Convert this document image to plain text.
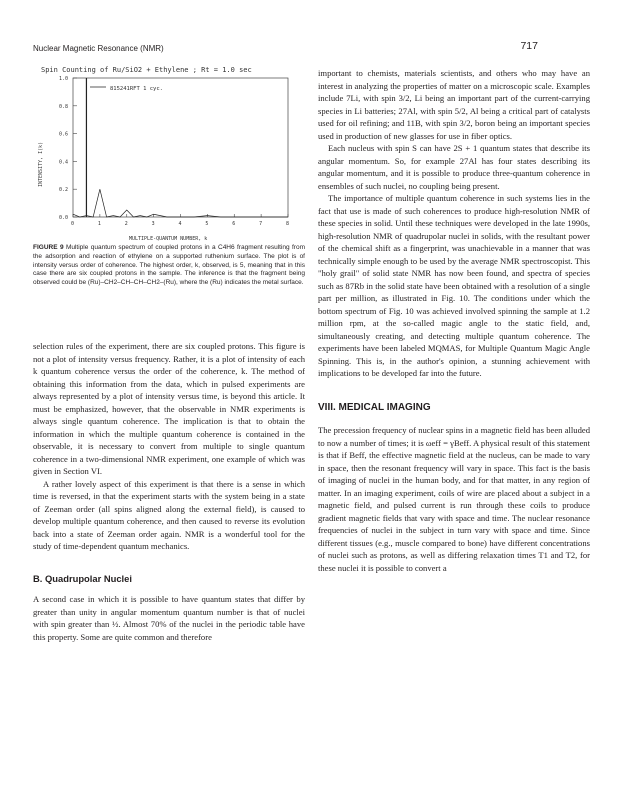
Nuclear Magnetic Resonance (NMR)	717
Spin Counting of Ru/SiO2 + Ethylene ; Rt = 1.0 sec
INTENSITY, I(k)
MULTIPLE-QUANTUM NUMBER, k
815241RFT 1 cyc.
0.0
0.2
0.4
0.6
0.8
1.0
0	1	2	3	4	5	6	7	8
FIGURE 9 Multiple quantum spectrum of coupled protons in a C4H6 fragment resulting from the adsorption and reaction of ethylene on a supported ruthenium surface. The plot is of intensity versus order of coherence. The highest order, k, observed, is 5, meaning that in this case there are six coupled protons in the sample. The inference is that the fragment being observed could be (Ru)–CH2–CH–CH–CH2–(Ru), where the (Ru) indicates the metal surface.

selection rules of the experiment, there are six coupled protons. This figure is not a plot of intensity versus frequency. Rather, it is a plot of intensity of each k quantum coherence versus the order of the coherence, k. The method of obtaining this information from the data, which in pulsed experiments are always represented by a plot of intensity versus time, is beyond this article. It must be emphasized, however, that the observable in NMR experiments is always single quantum coherence. The implication is that to obtain the information in which the multiple quantum coherence is contained in the observable, it is necessary to convert from multiple to single quantum coherence in a two-dimensional NMR experiment, one example of which was given in Section VI.

A rather lovely aspect of this experiment is that there is a sense in which time is reversed, in that the experiment starts with the system being in a state of Zeeman order (all spins aligned along the external field), is caused to develop multiple quantum coherence, and then caused to reverse its evolution back into a state of Zeeman order again. NMR is a wonderful tool for the study of time-dependent quantum mechanics.

B. Quadrupolar Nuclei

A second case in which it is possible to have quantum states that differ by greater than unity in angular momentum quantum number is that of nuclei with spin greater than ½. Almost 70% of the nuclei in the periodic table have this property. Some are quite common and therefore

important to chemists, materials scientists, and others who may have an interest in analyzing the properties of matter on a microscopic scale. Examples include 7Li, with spin 3/2, Li being an important part of the current-carrying species in Li batteries; 27Al, with spin 5/2, Al being a critical part of catalysts used for oil refining; and 11B, with spin 3/2, boron being an important species used in production of new glasses for use in fiber optics.

Each nucleus with spin S can have 2S + 1 quantum states that describe its angular momentum. So, for example 27Al has four states describing its angular momentum, and it is possible to produce three-quantum coherence in ensembles of such nuclei, no coupling being present.

The importance of multiple quantum coherence in such systems lies in the fact that use is made of such coherences to produce high-resolution NMR of these species in solid. Until these techniques were developed in the late 1990s, high-resolution NMR of quadrupolar nuclei in solids, with the resultant power of the chemical shift as a fingerprint, was unachievable in a manner that was technically simple enough to be used by the average NMR spectroscopist. This "holy grail" of solid state NMR has now been found, and spectra of species such as 87Rb in the solid state have been obtained with a resolution of a single part per million, as illustrated in Fig. 10. The conditions under which the bottom spectrum of Fig. 10 was achieved involved spinning the sample at 1.2 million rpm, at the so-called magic angle to the static field, and, simultaneously creating, and detecting multiple quantum coherence. The experiments have been labeled MQMAS, for Multiple Quantum Magic Angle Spinning. This is, in the author's opinion, a stunning achievement with implications to be developed far into the future.

VIII. MEDICAL IMAGING

The precession frequency of nuclear spins in a magnetic field has been alluded to now a number of times; it is ωeff = γBeff. A physical result of this statement is that if Beff, the effective magnetic field at the nucleus, can be made to vary in space, then the resonant frequency will vary in space. This fact is the basis of imaging of nuclei in the human body, and for that matter, in any region of matter. In an imaging experiment, coils of wire are placed about a subject in a magnetic field, and pulsed current is run through these coils to produce gradient magnetic fields that vary with space and time. The nuclear resonance frequencies of nuclei in the subject in turn vary with space and time. Since different tissues (e.g., muscle compared to bone) have different concentrations of nuclei such as protons, as well as differing relaxation times T1 and T2, for these nuclei it is possible to convert a
